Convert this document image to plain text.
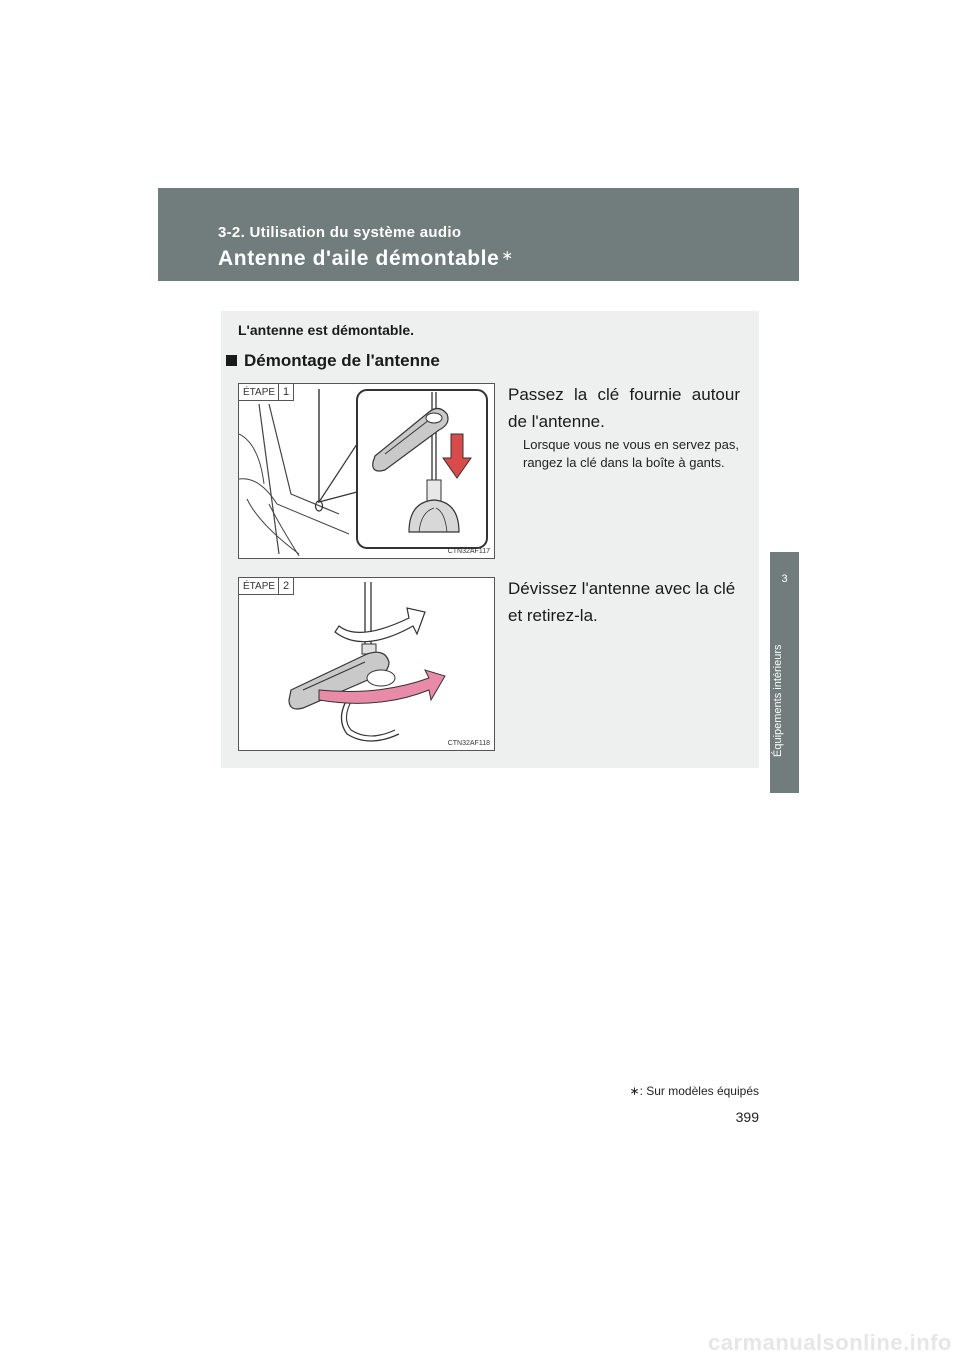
3-2. Utilisation du système audio
Antenne d'aile démontable ∗
3
Équipements intérieurs
L'antenne est démontable.
Démontage de l'antenne
ÉTAPE 1
CTN32AF117
Passez la clé fournie autour de l'antenne.
Lorsque vous ne vous en servez pas, rangez la clé dans la boîte à gants.
ÉTAPE 2
CTN32AF118
Dévissez l'antenne avec la clé et retirez-la.
∗: Sur modèles équipés
399
carmanualsonline.info
